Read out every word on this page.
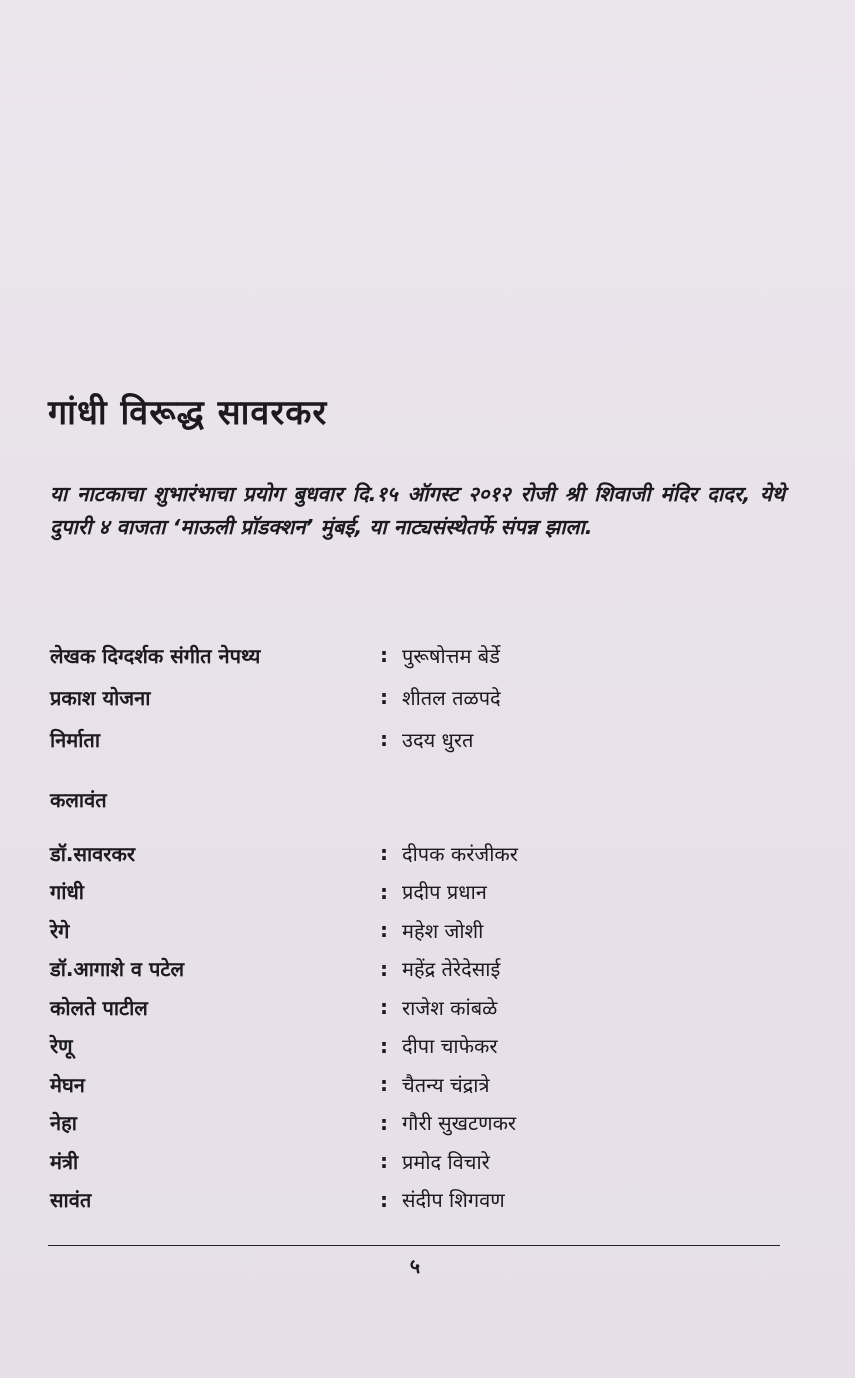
गांधी विरूद्ध सावरकर
या नाटकाचा शुभारंभाचा प्रयोग बुधवार दि.१५ ऑगस्ट २०१२ रोजी श्री शिवाजी मंदिर दादर, येथे दुपारी ४ वाजता ‘माऊली प्रॉडक्शन’ मुंबई, या नाट्यसंस्थेतर्फे संपन्न झाला.
लेखक दिग्दर्शक संगीत नेपथ्य	: पुरूषोत्तम बेर्डे
प्रकाश योजना	: शीतल तळपदे
निर्माता	: उदय धुरत
कलावंत
डॉ.सावरकर	: दीपक करंजीकर
गांधी	: प्रदीप प्रधान
रेगे	: महेश जोशी
डॉ.आगाशे व पटेल	: महेंद्र तेरेदेसाई
कोलते पाटील	: राजेश कांबळे
रेणू	: दीपा चाफेकर
मेघन	: चैतन्य चंद्रात्रे
नेहा	: गौरी सुखटणकर
मंत्री	: प्रमोद विचारे
सावंत	: संदीप शिगवण
५
